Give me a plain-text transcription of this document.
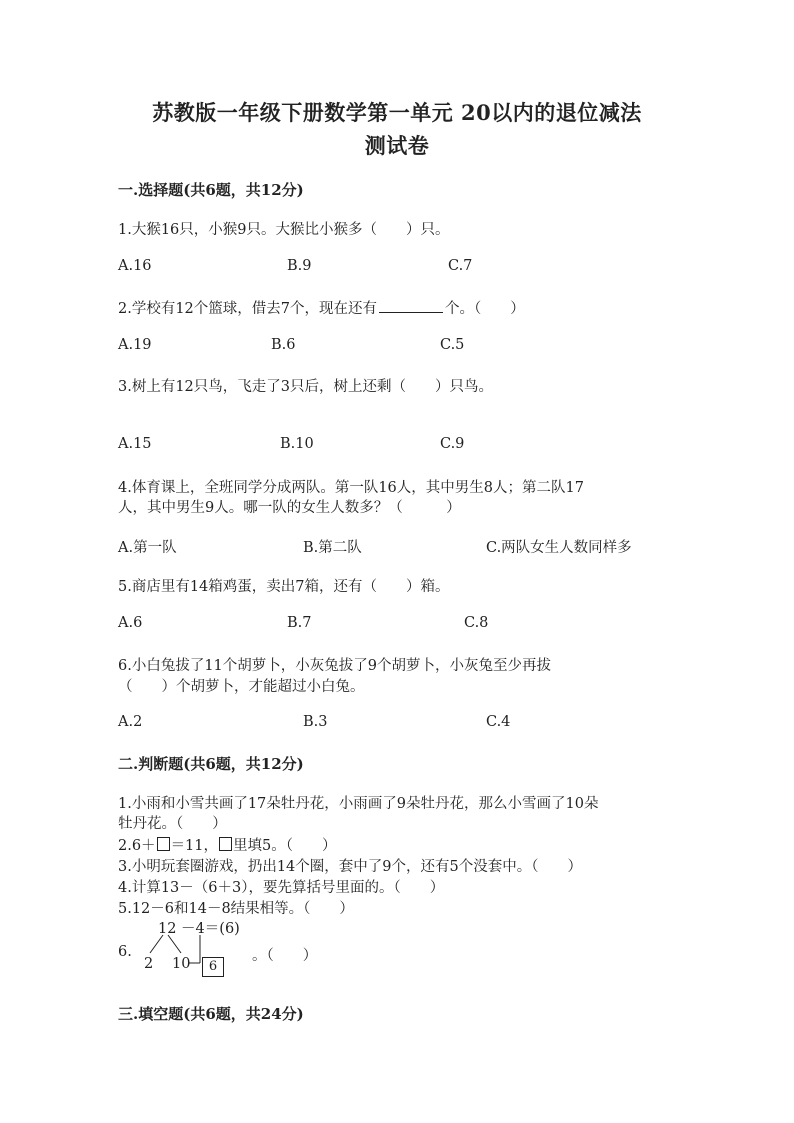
苏教版一年级下册数学第一单元 20以内的退位减法
测试卷
一.选择题(共6题，共12分)
1.大猴16只，小猴9只。大猴比小猴多（　　）只。
A.16	B.9	C.7
2.学校有12个篮球，借去7个，现在还有	个。（　　）
A.19	B.6	C.5
3.树上有12只鸟，飞走了3只后，树上还剩（　　）只鸟。
A.15	B.10	C.9
4.体育课上，全班同学分成两队。第一队16人，其中男生8人；第二队17
人，其中男生9人。哪一队的女生人数多？（　　　）
A.第一队	B.第二队	C.两队女生人数同样多
5.商店里有14箱鸡蛋，卖出7箱，还有（　　）箱。
A.6	B.7	C.8
6.小白兔拔了11个胡萝卜，小灰兔拔了9个胡萝卜，小灰兔至少再拔
（　　）个胡萝卜，才能超过小白兔。
A.2	B.3	C.4
二.判断题(共6题，共12分)
1.小雨和小雪共画了17朵牡丹花，小雨画了9朵牡丹花，那么小雪画了10朵
牡丹花。（　　）
2.6＋ ＝11， 里填5。（　　）
3.小明玩套圈游戏，扔出14个圈，套中了9个，还有5个没套中。（　　）
4.计算13－（6＋3），要先算括号里面的。（　　）
5.12－6和14－8结果相等。（　　）
6.
12 －4＝(6)
2 10	6
。（　　）
三.填空题(共6题，共24分)
